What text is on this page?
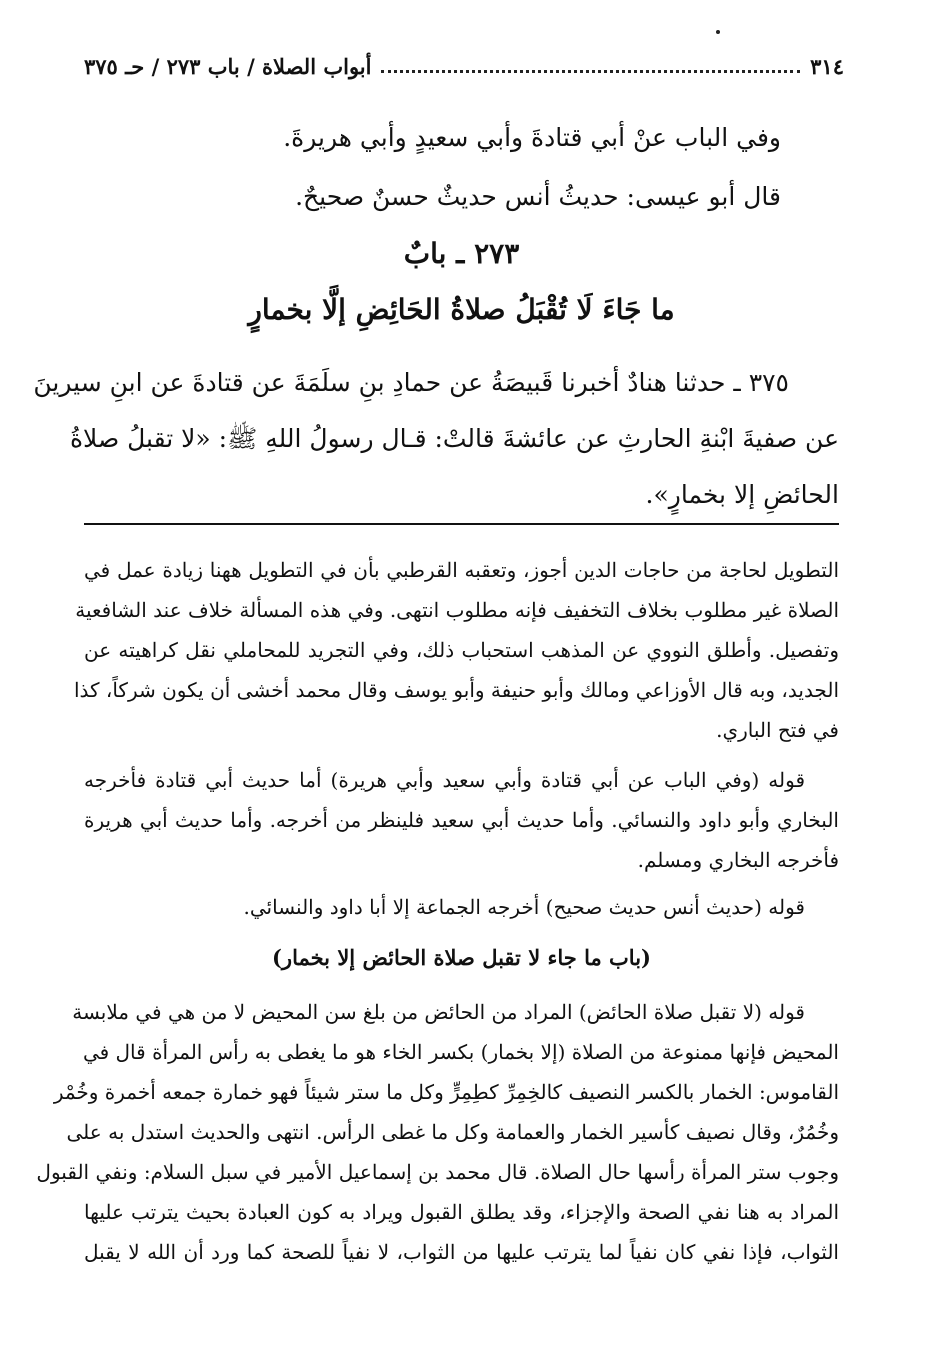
٣١٤
أبواب الصلاة / باب ٢٧٣ / حـ ٣٧٥
وفي الباب عنْ أبي قتادةَ وأبي سعيدٍ وأبي هريرةَ.
قال أبو عيسى: حديثُ أنس حديثٌ حسنٌ صحيحٌ.
٢٧٣ ـ بابٌ
ما جَاءَ لَا تُقْبَلُ صلاةُ الحَائِضِ إلَّا بخمارٍ
٣٧٥ ـ حدثنا هنادٌ أخبرنا قَبيصَةُ عن حمادِ بنِ سلَمَةَ عن قتادةَ عن ابنِ سيرينَ
عن صفيةَ ابْنةِ الحارثِ عن عائشةَ قالتْ: قـال رسولُ اللهِ ﷺ: «لا تقبلُ صلاةُ
الحائضِ إلا بخمارٍ».
التطويل لحاجة من حاجات الدين أجوز، وتعقبه القرطبي بأن في التطويل ههنا زيادة عمل في
الصلاة غير مطلوب بخلاف التخفيف فإنه مطلوب انتهى. وفي هذه المسألة خلاف عند الشافعية
وتفصيل. وأطلق النووي عن المذهب استحباب ذلك، وفي التجريد للمحاملي نقل كراهيته عن
الجديد، وبه قال الأوزاعي ومالك وأبو حنيفة وأبو يوسف وقال محمد أخشى أن يكون شركاً، كذا
في فتح الباري.
قوله (وفي الباب عن أبي قتادة وأبي سعيد وأبي هريرة) أما حديث أبي قتادة فأخرجه
البخاري وأبو داود والنسائي. وأما حديث أبي سعيد فلينظر من أخرجه. وأما حديث أبي هريرة
فأخرجه البخاري ومسلم.
قوله (حديث أنس حديث صحيح) أخرجه الجماعة إلا أبا داود والنسائي.
(باب ما جاء لا تقبل صلاة الحائض إلا بخمار)
قوله (لا تقبل صلاة الحائض) المراد من الحائض من بلغ سن المحيض لا من هي في ملابسة
المحيض فإنها ممنوعة من الصلاة (إلا بخمار) بكسر الخاء هو ما يغطى به رأس المرأة قال في
القاموس: الخمار بالكسر النصيف كالخِمِرِّ كطِمِرٍّ وكل ما ستر شيئاً فهو خمارة جمعه أخمرة وخُمْر
وخُمُرٌ، وقال نصيف كأسير الخمار والعمامة وكل ما غطى الرأس. انتهى والحديث استدل به على
وجوب ستر المرأة رأسها حال الصلاة. قال محمد بن إسماعيل الأمير في سبل السلام: ونفي القبول
المراد به هنا نفي الصحة والإجزاء، وقد يطلق القبول ويراد به كون العبادة بحيث يترتب عليها
الثواب، فإذا نفي كان نفياً لما يترتب عليها من الثواب، لا نفياً للصحة كما ورد أن الله لا يقبل
